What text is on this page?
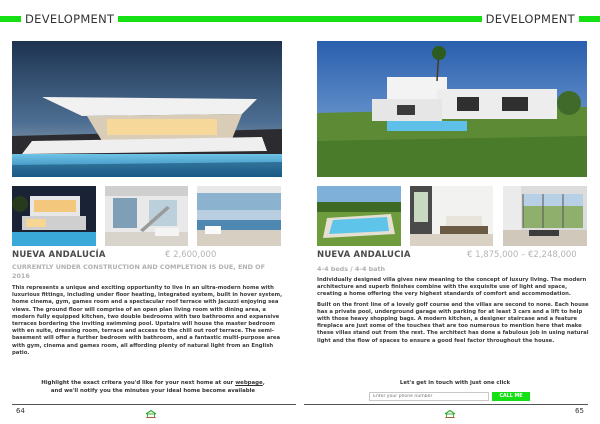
DEVELOPMENT
NUEVA ANDALUCÍA	€ 2,600,000
CURRENTLY UNDER CONSTRUCTION AND COMPLETION IS DUE, END OF 2016

This represents a unique and exciting opportunity to live in an ultra-modern home with luxurious fittings, including under floor heating, integrated system, built in hover system, home cinema, gym, games room and a spectacular roof terrace with Jacuzzi enjoying sea views. The ground floor will comprise of an open plan living room with dining area, a modern fully equipped kitchen, two double bedrooms with two bathrooms and expansive terraces bordering the inviting swimming pool. Upstairs will house the master bedroom with en suite, dressing room, terrace and access to the chill out roof terrace. The semi-basement will offer a further bedroom with bathroom, and a fantastic multi-purpose area with gym, cinema and games room, all affording plenty of natural light from an English patio.

Highlight the exact critera you'd like for your next home at our webpage, and we'll notify you the minutes your ideal home become available
64
DEVELOPMENT
NUEVA ANDALUCIA	€ 1,875,000 – €2,248,000
4-4 beds / 4-4 bath

Individually designed villa gives new meaning to the concept of luxury living. The modern architecture and superb finishes combine with the exquisite use of light and space, creating a home offering the very highest standards of comfort and accommodation.

Built on the front line of a lovely golf course and the villas are second to none. Each house has a private pool, underground garage with parking for at least 3 cars and a lift to help with those heavy shopping bags. A modern kitchen, a designer staircase and a feature fireplace are just some of the touches that are too numerous to mention here that make these villas stand out from the rest. The architect has done a fabulous job in using natural light and the flow of spaces to ensure a good feel factor throughout the house.

Let's get in touch with just one click
Enter your phone number
CALL ME
65
